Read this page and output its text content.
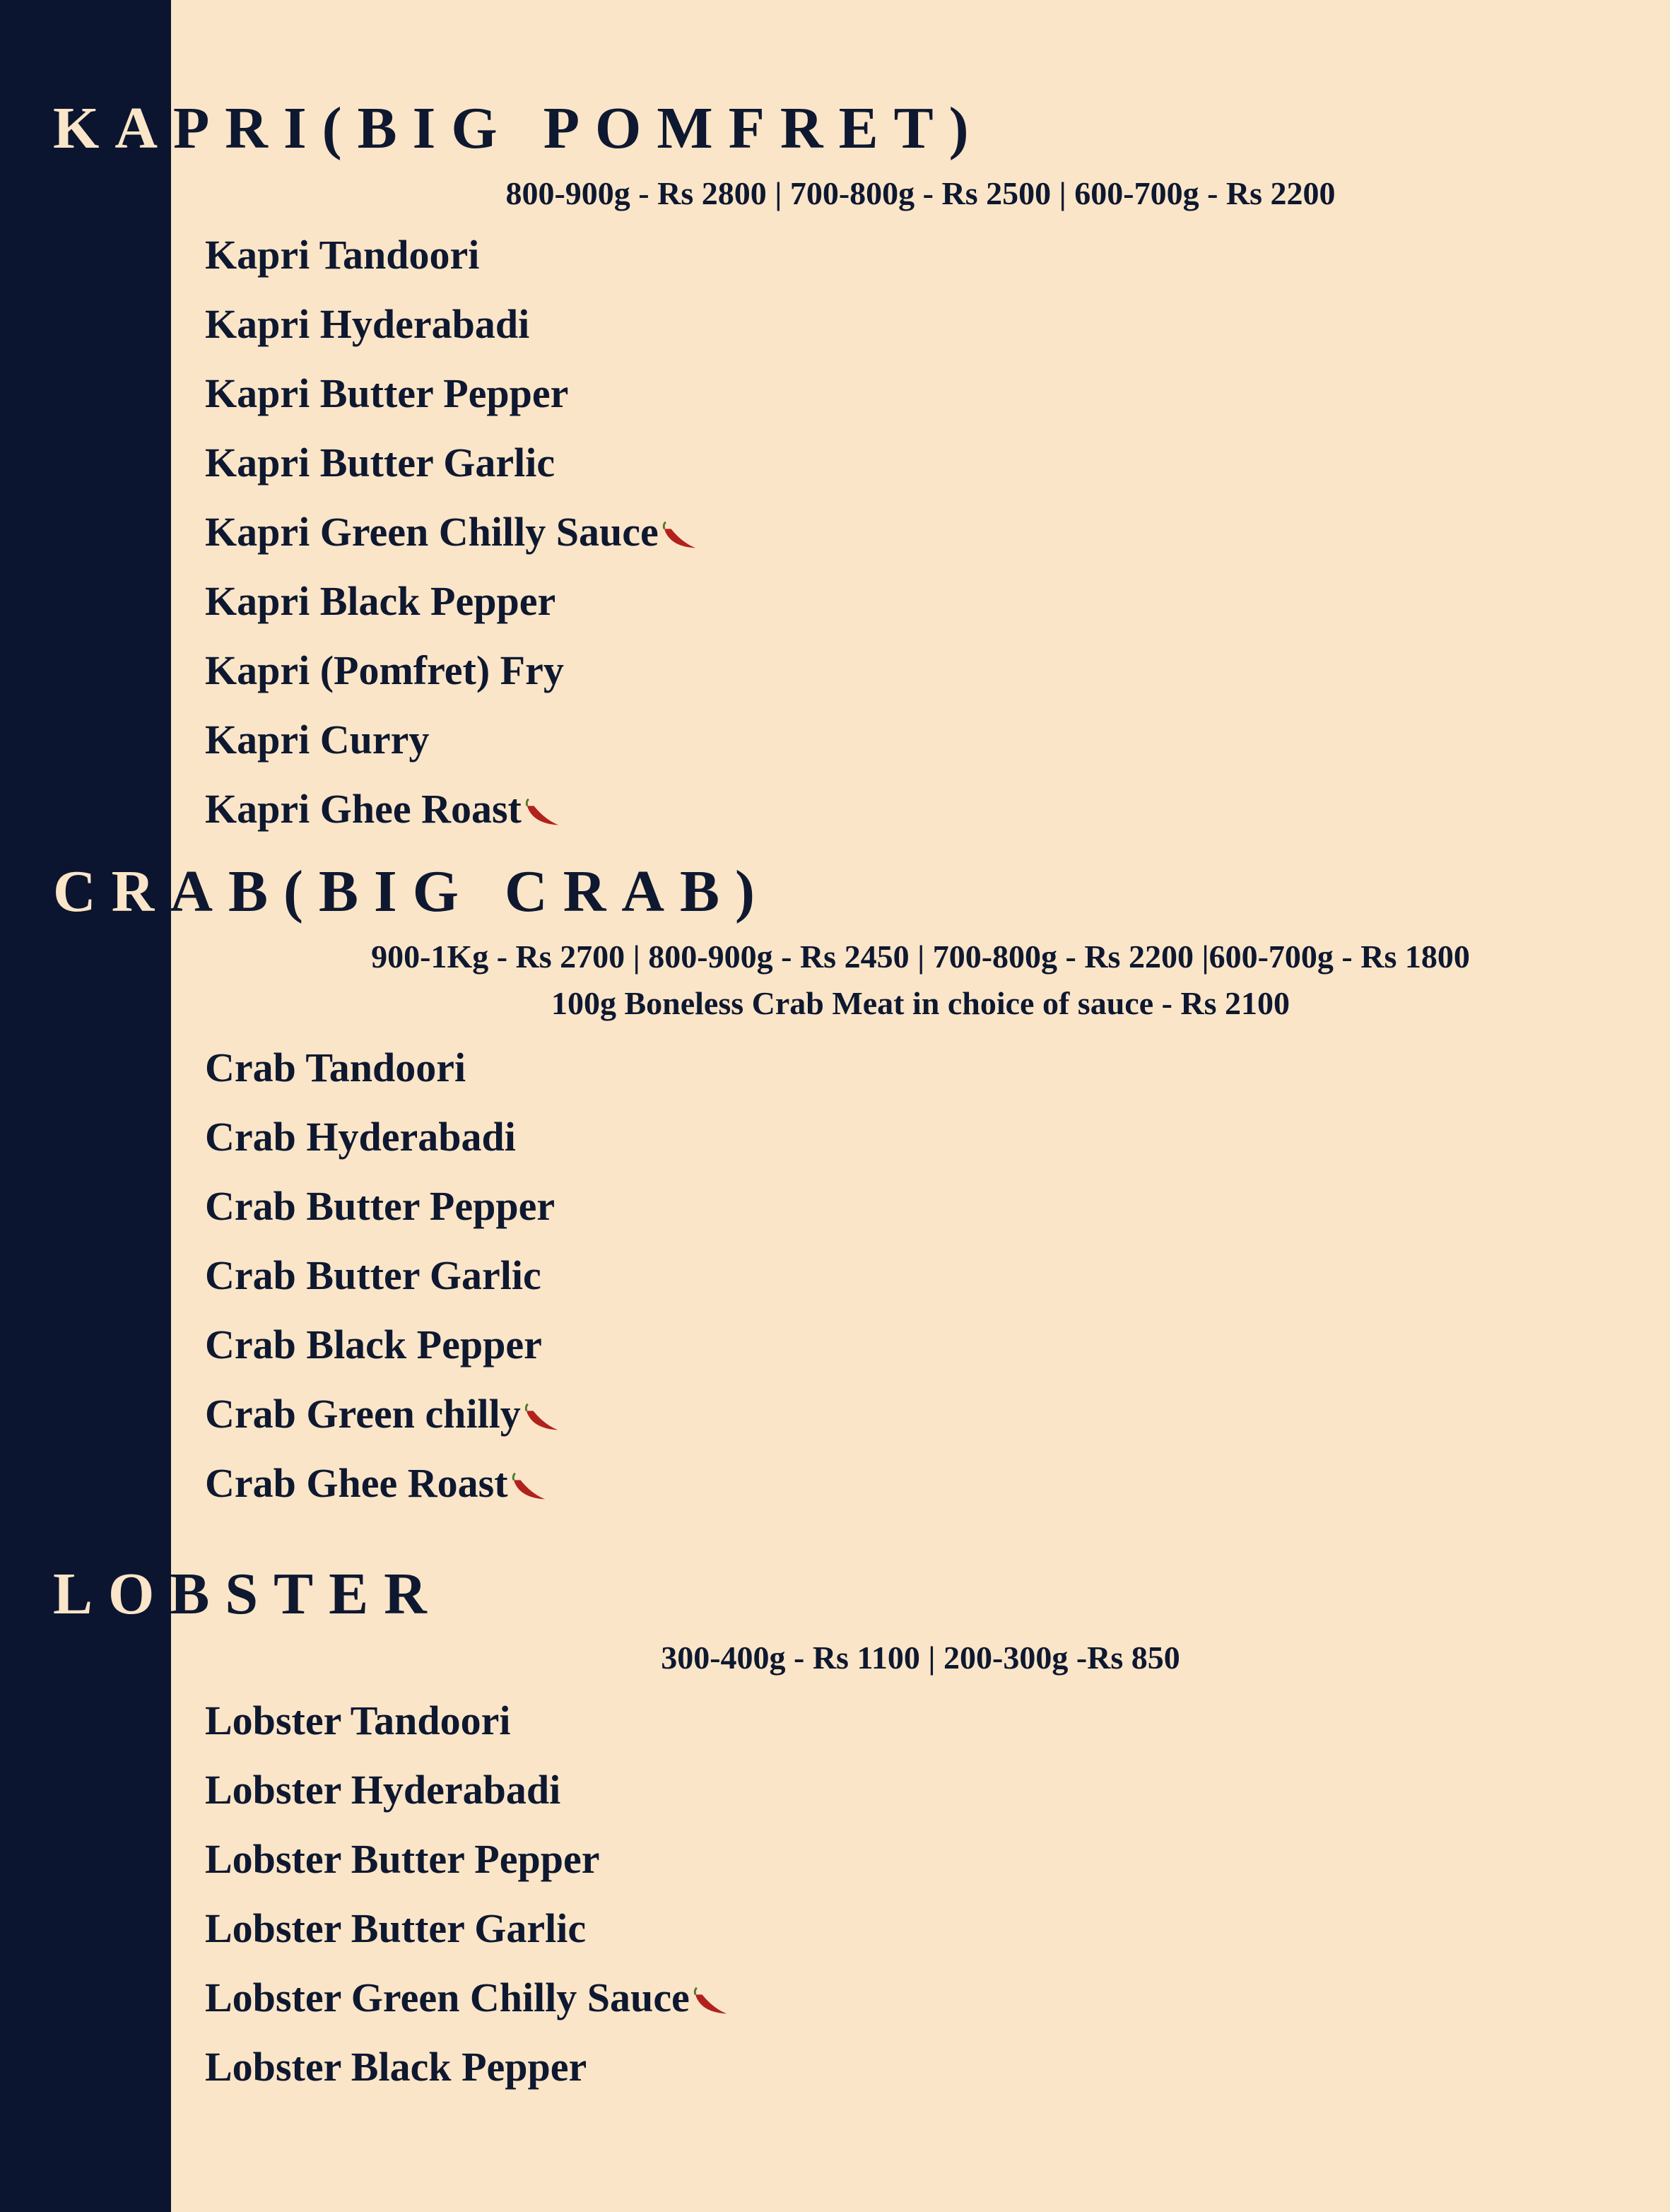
KAPRI(BIG POMFRET)
800-900g - Rs 2800 | 700-800g - Rs 2500 | 600-700g - Rs 2200
Kapri Tandoori
Kapri Hyderabadi
Kapri Butter Pepper
Kapri Butter Garlic
Kapri Green Chilly Sauce
Kapri Black Pepper
Kapri (Pomfret) Fry
Kapri Curry
Kapri Ghee Roast
CRAB(BIG CRAB)
900-1Kg - Rs 2700 | 800-900g - Rs 2450 | 700-800g - Rs 2200 |600-700g - Rs 1800
100g Boneless Crab Meat in choice of sauce - Rs 2100
Crab Tandoori
Crab Hyderabadi
Crab Butter Pepper
Crab Butter Garlic
Crab Black Pepper
Crab Green chilly
Crab Ghee Roast
LOBSTER
300-400g - Rs 1100 | 200-300g -Rs 850
Lobster Tandoori
Lobster Hyderabadi
Lobster Butter Pepper
Lobster Butter Garlic
Lobster Green Chilly Sauce
Lobster Black Pepper
